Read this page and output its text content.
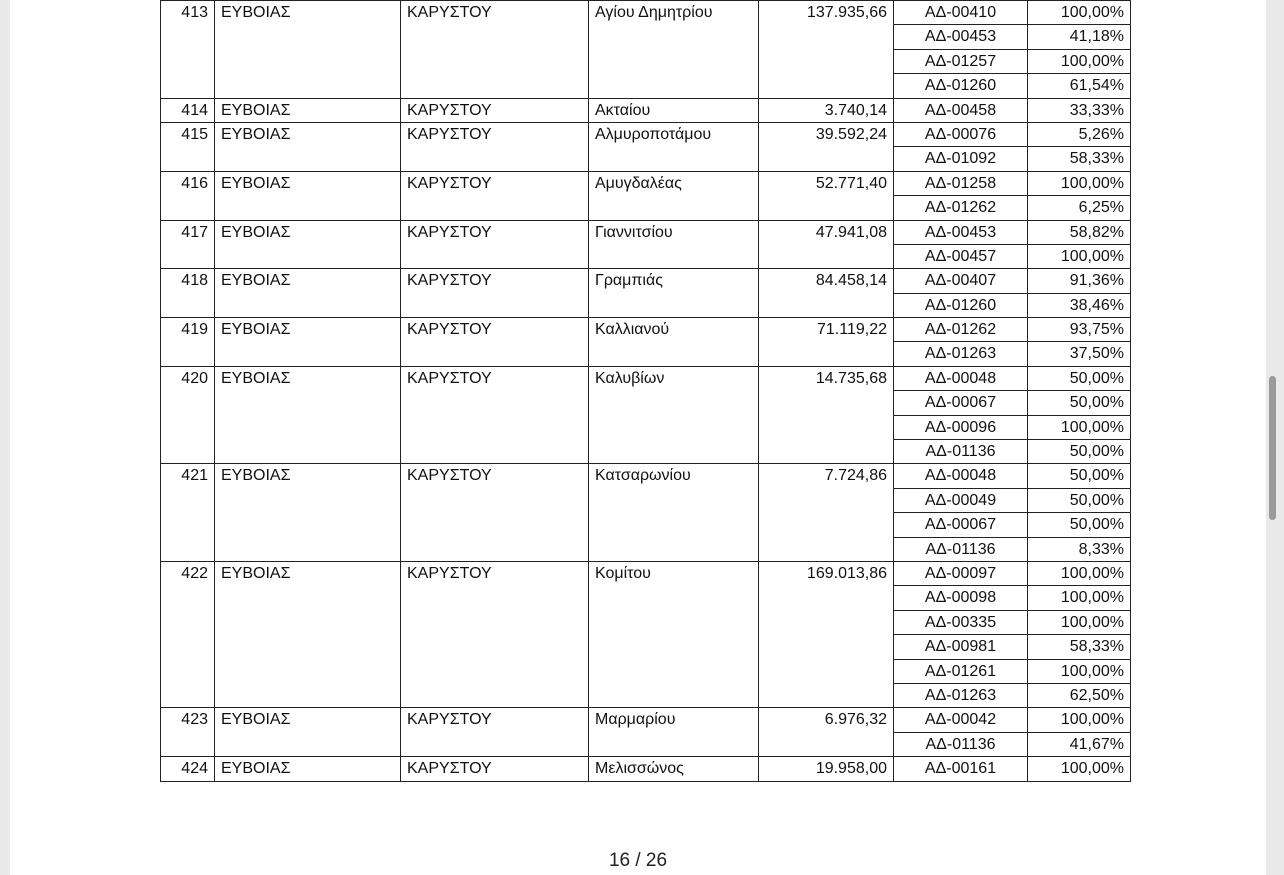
413	ΕΥΒΟΙΑΣ	ΚΑΡΥΣΤΟΥ	Αγίου Δημητρίου	137.935,66	ΑΔ-00410	100,00%
					ΑΔ-00453	41,18%
					ΑΔ-01257	100,00%
					ΑΔ-01260	61,54%
414	ΕΥΒΟΙΑΣ	ΚΑΡΥΣΤΟΥ	Ακταίου	3.740,14	ΑΔ-00458	33,33%
415	ΕΥΒΟΙΑΣ	ΚΑΡΥΣΤΟΥ	Αλμυροποτάμου	39.592,24	ΑΔ-00076	5,26%
					ΑΔ-01092	58,33%
416	ΕΥΒΟΙΑΣ	ΚΑΡΥΣΤΟΥ	Αμυγδαλέας	52.771,40	ΑΔ-01258	100,00%
					ΑΔ-01262	6,25%
417	ΕΥΒΟΙΑΣ	ΚΑΡΥΣΤΟΥ	Γιαννιτσίου	47.941,08	ΑΔ-00453	58,82%
					ΑΔ-00457	100,00%
418	ΕΥΒΟΙΑΣ	ΚΑΡΥΣΤΟΥ	Γραμπιάς	84.458,14	ΑΔ-00407	91,36%
					ΑΔ-01260	38,46%
419	ΕΥΒΟΙΑΣ	ΚΑΡΥΣΤΟΥ	Καλλιανού	71.119,22	ΑΔ-01262	93,75%
					ΑΔ-01263	37,50%
420	ΕΥΒΟΙΑΣ	ΚΑΡΥΣΤΟΥ	Καλυβίων	14.735,68	ΑΔ-00048	50,00%
					ΑΔ-00067	50,00%
					ΑΔ-00096	100,00%
					ΑΔ-01136	50,00%
421	ΕΥΒΟΙΑΣ	ΚΑΡΥΣΤΟΥ	Κατσαρωνίου	7.724,86	ΑΔ-00048	50,00%
					ΑΔ-00049	50,00%
					ΑΔ-00067	50,00%
					ΑΔ-01136	8,33%
422	ΕΥΒΟΙΑΣ	ΚΑΡΥΣΤΟΥ	Κομίτου	169.013,86	ΑΔ-00097	100,00%
					ΑΔ-00098	100,00%
					ΑΔ-00335	100,00%
					ΑΔ-00981	58,33%
					ΑΔ-01261	100,00%
					ΑΔ-01263	62,50%
423	ΕΥΒΟΙΑΣ	ΚΑΡΥΣΤΟΥ	Μαρμαρίου	6.976,32	ΑΔ-00042	100,00%
					ΑΔ-01136	41,67%
424	ΕΥΒΟΙΑΣ	ΚΑΡΥΣΤΟΥ	Μελισσώνος	19.958,00	ΑΔ-00161	100,00%
16 / 26
